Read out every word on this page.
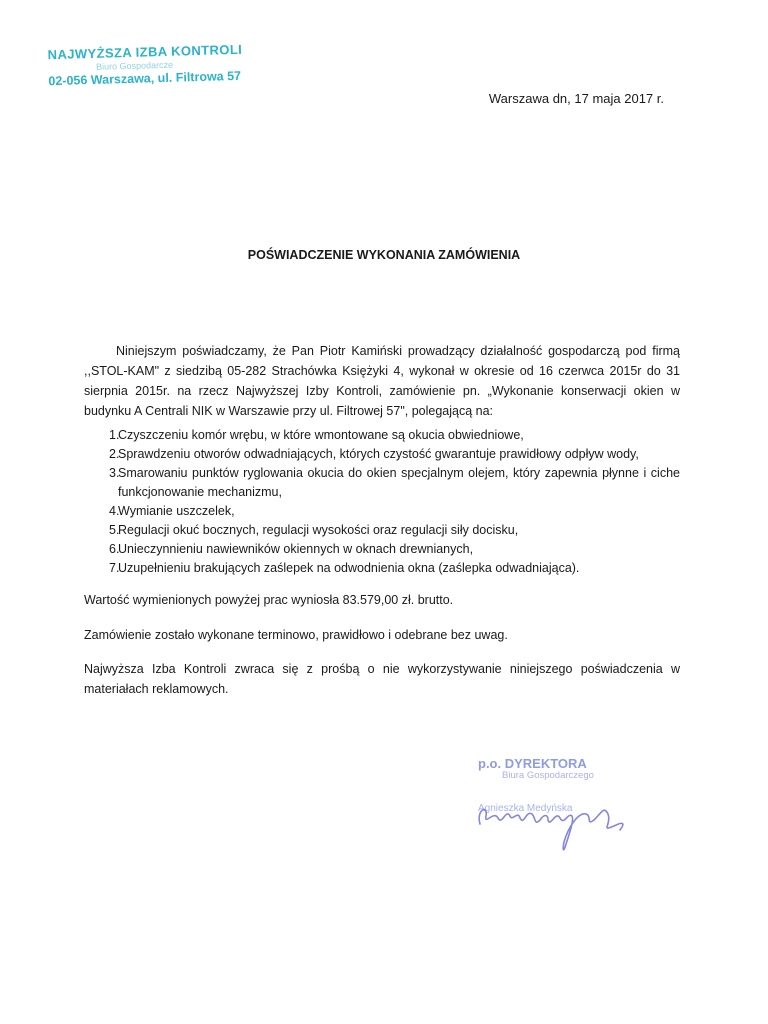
NAJWYŻSZA IZBA KONTROLI
Biuro Gospodarcze
02-056 Warszawa, ul. Filtrowa 57
Warszawa dn, 17 maja 2017 r.
POŚWIADCZENIE WYKONANIA ZAMÓWIENIA
Niniejszym poświadczamy, że Pan Piotr Kamiński prowadzący działalność gospodarczą pod firmą ,,STOL-KAM" z siedzibą 05-282 Strachówka Księżyki 4, wykonał w okresie od 16 czerwca 2015r do 31 sierpnia 2015r. na rzecz Najwyższej Izby Kontroli, zamówienie pn. „Wykonanie konserwacji okien w budynku A Centrali NIK w Warszawie przy ul. Filtrowej 57", polegającą na:
1.
Czyszczeniu komór wrębu, w które wmontowane są okucia obwiedniowe,
2.
Sprawdzeniu otworów odwadniających, których czystość gwarantuje prawidłowy odpływ wody,
3.
Smarowaniu punktów ryglowania okucia do okien specjalnym olejem, który zapewnia płynne i ciche funkcjonowanie mechanizmu,
4.
Wymianie uszczelek,
5.
Regulacji okuć bocznych, regulacji wysokości oraz regulacji siły docisku,
6.
Unieczynnieniu nawiewników okiennych w oknach drewnianych,
7.
Uzupełnieniu brakujących zaślepek na odwodnienia okna (zaślepka odwadniająca).
Wartość wymienionych powyżej prac wyniosła 83.579,00 zł. brutto.
Zamówienie zostało wykonane terminowo, prawidłowo i odebrane bez uwag.
Najwyższa Izba Kontroli zwraca się z prośbą o nie wykorzystywanie niniejszego poświadczenia w materiałach reklamowych.
p.o. DYREKTORA
Biura Gospodarczego
Agnieszka Medyńska
